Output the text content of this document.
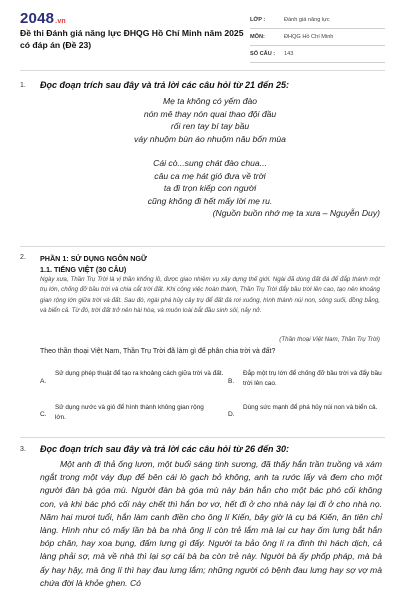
2048.vn
Đề thi Đánh giá năng lực ĐHQG Hồ Chí Minh năm 2025 có đáp án (Đề 23)
LỚP :	Đánh giá năng lực
MÔN:	ĐHQG Hồ Chí Minh
SỐ CÂU :	143
1. Đọc đoạn trích sau đây và trả lời các câu hỏi từ 21 đến 25:
Mẹ ta không có yếm đào
nón mê thay nón quai thao đội đầu
rối ren tay bí tay bầu
váy nhuộm bùn áo nhuộm nâu bốn mùa
Cái cò...sung chát đào chua...
câu ca mẹ hát gió đưa về trời
ta đi trọn kiếp con người
cũng không đi hết mấy lời mẹ ru.
(Nguồn buồn nhớ mẹ ta xưa – Nguyễn Duy)
2. PHẦN 1: SỬ DỤNG NGÔN NGỮ
1.1. TIẾNG VIỆT (30 CÂU)
Ngày xưa, Thần Trụ Trời là vị thần khổng lồ, được giao nhiệm vụ xây dựng thế giới. Ngài đã dùng đất đá để đắp thành một trụ lớn, chống đỡ bầu trời và chia cắt trời đất. Khi công việc hoàn thành, Thần Trụ Trời đẩy bầu trời lên cao, tạo nên khoảng gian rộng lớn giữa trời và đất. Sau đó, ngài phá hủy cây trụ để đất đá rơi xuống, hình thành núi non, sông suối, đồng bằng, và biển cả. Từ đó, trời đất trở nên hài hòa, và muôn loài bắt đầu sinh sôi, nảy nở.
(Thần thoại Việt Nam, Thần Trụ Trời)
Theo thần thoại Việt Nam, Thần Trụ Trời đã làm gì để phân chia trời và đất?
A.
Sử dụng phép thuật để tạo ra khoảng cách giữa trời và đất.
B.
Đắp một trụ lớn để chống đỡ bầu trời và đẩy bầu trời lên cao.
C.
Sử dụng nước và gió để hình thành không gian rộng lớn.	D.
Dùng sức mạnh để phá hủy núi non và biển cả.
3. Đọc đoạn trích sau đây và trả lời các câu hỏi từ 26 đến 30:
Một anh đi thả ống lươn, một buổi sáng tinh sương, đã thấy hắn trần truồng và xám ngắt trong một váy đụp để bên cái lò gạch bỏ không, anh ta rước lấy và đem cho một người đàn bà góa mù. Người đàn bà góa mù này bán hắn cho một bác phó cối không con, và khi bác phó cối này chết thì hắn bơ vơ, hết đi ở cho nhà này lại đi ở cho nhà nọ. Năm hai mươi tuổi, hắn làm canh điền cho ông lí Kiến, bây giờ là cụ bá Kiến, ăn tiên chỉ làng. Hình như có mấy lần bà ba nhà ông lí còn trẻ lắm mà lại cư hay ốm lưng bắt hắn bóp chân, hay xoa bụng, đấm lưng gì đấy. Người ta bảo ông lí ra đình thì hách dịch, cả làng phải sợ, mà về nhà thì lại sợ cái bà ba còn trẻ này. Người bà ấy phốp pháp, mà bà ấy hay hậy, mà ông lí thì hay đau lưng lắm; những người có bệnh đau lưng hay sợ vợ mà chứa đời là khỏe ghen. Có
